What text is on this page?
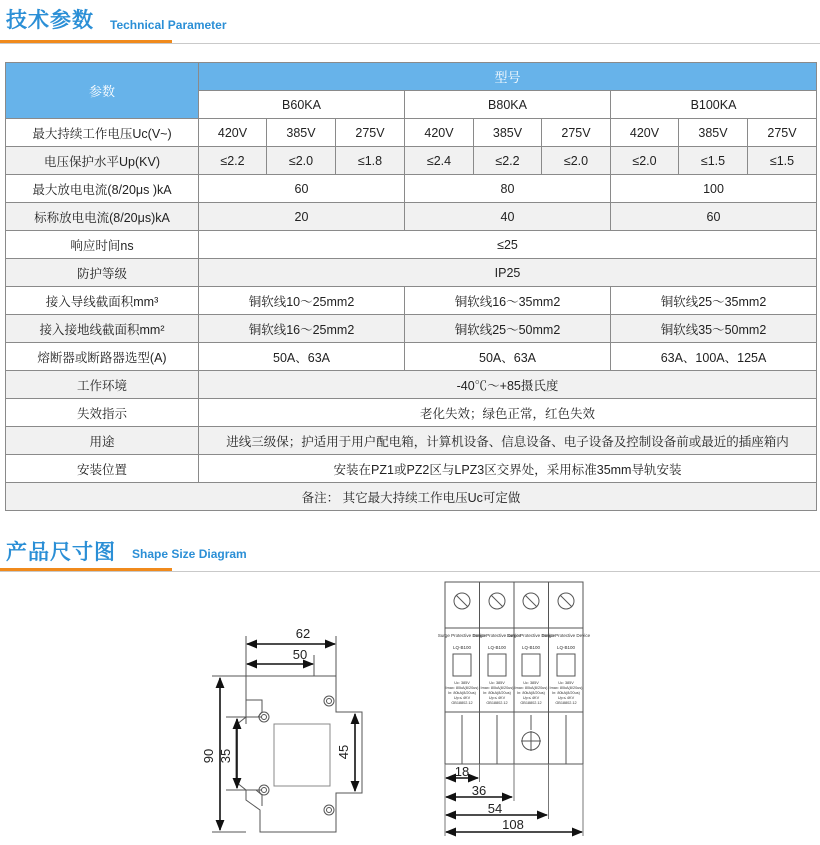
技术参数 Technical Parameter
参数	型号								
	B60KA			B80KA			B100KA		
最大持续工作电压Uc(V~)	420V	385V	275V	420V	385V	275V	420V	385V	275V
电压保护水平Up(KV)	≤2.2	≤2.0	≤1.8	≤2.4	≤2.2	≤2.0	≤2.0	≤1.5	≤1.5
最大放电电流(8/20μs )kA	60			80			100		
标称放电电流(8/20μs)kA	20			40			60		
响应时间ns	≤25								
防护等级	IP25								
接入导线截面积mm³	铜软线10～25mm2			铜软线16～35mm2			铜软线25～35mm2		
接入接地线截面积mm²	铜软线16～25mm2			铜软线25～50mm2			铜软线35～50mm2		
熔断器或断路器选型(A)	50A、63A			50A、63A			63A、100A、125A		
工作环境	-40℃～+85摄氏度								
失效指示	老化失效；绿色正常，红色失效								
用途	进线三级保；护适用于用户配电箱，计算机设备、信息设备、电子设备及控制设备前或最近的插座箱内								
安装位置	安装在PZ1或PZ2区与LPZ3区交界处，采用标准35mm导轨安装								
备注： 其它最大持续工作电压Uc可定做									
产品尺寸图 Shape Size Diagram
62
50
90 35	45
Surge Protective Device
Surge Protective Device
Surge Protective Device
Surge Protective Device
LQ-B100	LQ-B100	LQ-B100	LQ-B100
Uc: 385V
Imax: 80kA(8/20us)
In: 80kA(8/20us)
Up:≤ 4KV
GB18802.12
Uc: 385V
Imax: 80kA(8/20us)
In: 80kA(8/20us)
Up:≤ 4KV
GB18802.12
Uc: 385V
Imax: 80kA(8/20us)
In: 80kA(8/20us)
Up:≤ 4KV
GB18802.12
Uc: 385V
Imax: 80kA(8/20us)
In: 80kA(8/20us)
Up:≤ 4KV
GB18802.12
18
36
54
108
